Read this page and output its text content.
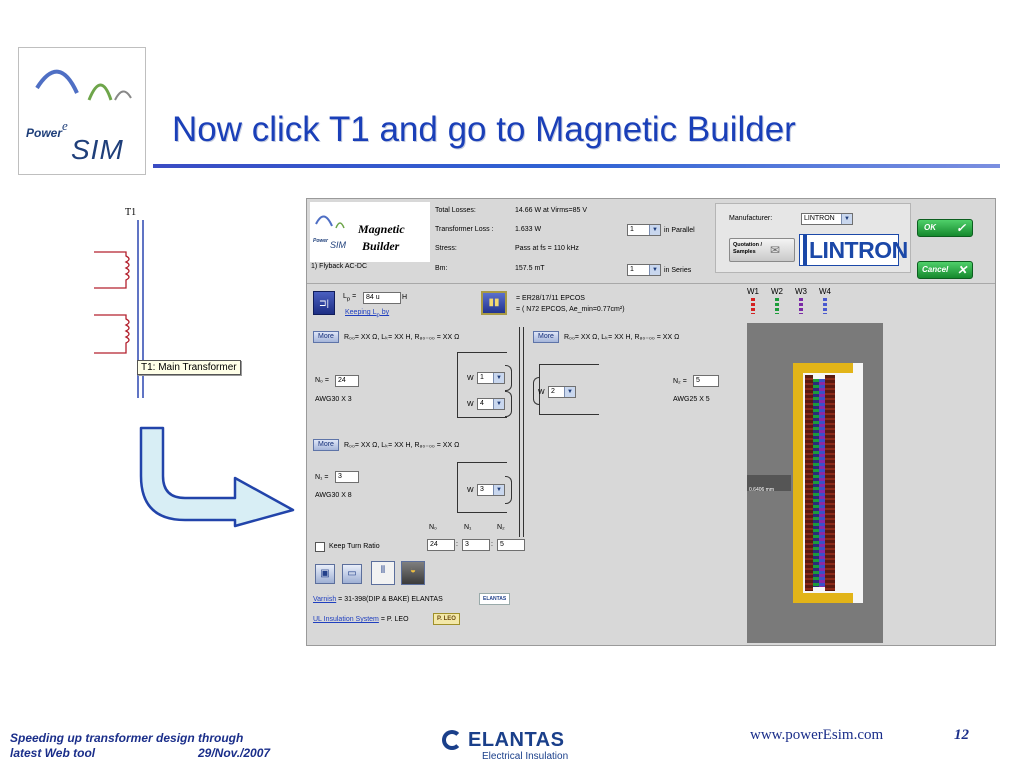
Power e
SIM
Now click T1 and go to Magnetic Builder
T1
T1: Main Transformer
Power SIM
Magnetic
Builder
1) Flyback AC-DC
Total Losses:	14.66 W at Virms=85 V
Transformer Loss :	1.633 W
Stress:	Pass at fs = 110 kHz
Bm:	157.5 mT
1	▼ in Parallel
1	▼ in Series
Manufacturer:	LINTRON	▼
Quotation / Samples	✉ LINTRON
OK ✓
Cancel ✕
⊐|
$L_p$ =	84 u	H
Keeping $L_p$ by
▮▮	= ER28/17/11 EPCOS
= ( N72 EPCOS, Ae_min=0.77cm²)
More	R₀₀= XX Ω, Lₖ= XX H, R₈₀₋₀₀ = XX Ω	More	R₀₀= XX Ω, Lₖ= XX H, R₈₀₋₀₀ = XX Ω
N₀ =	24
AWG30 X 3
W 1	▼
W 4	▼
W 2	▼
N₂ =	5
AWG25 X 5
More	R₀₀= XX Ω, Lₖ= XX H, R₈₀₋₀₀ = XX Ω
N₁ =	3
AWG30 X 8
W 3	▼
N₀	N₁	N₂
Keep Turn Ratio	24	:	3	:	5
▣	▭	⫴	◒
Varnish = 31-398(DIP & BAKE) ELANTAS	ELANTAS
UL Insulation System = P. LEO	P. LEO
W1 W2 W3 W4
0.6406 mm
Speeding up transformer design through
latest Web tool	29/Nov./2007
ELANTAS
Electrical Insulation
www.powerEsim.com	12
